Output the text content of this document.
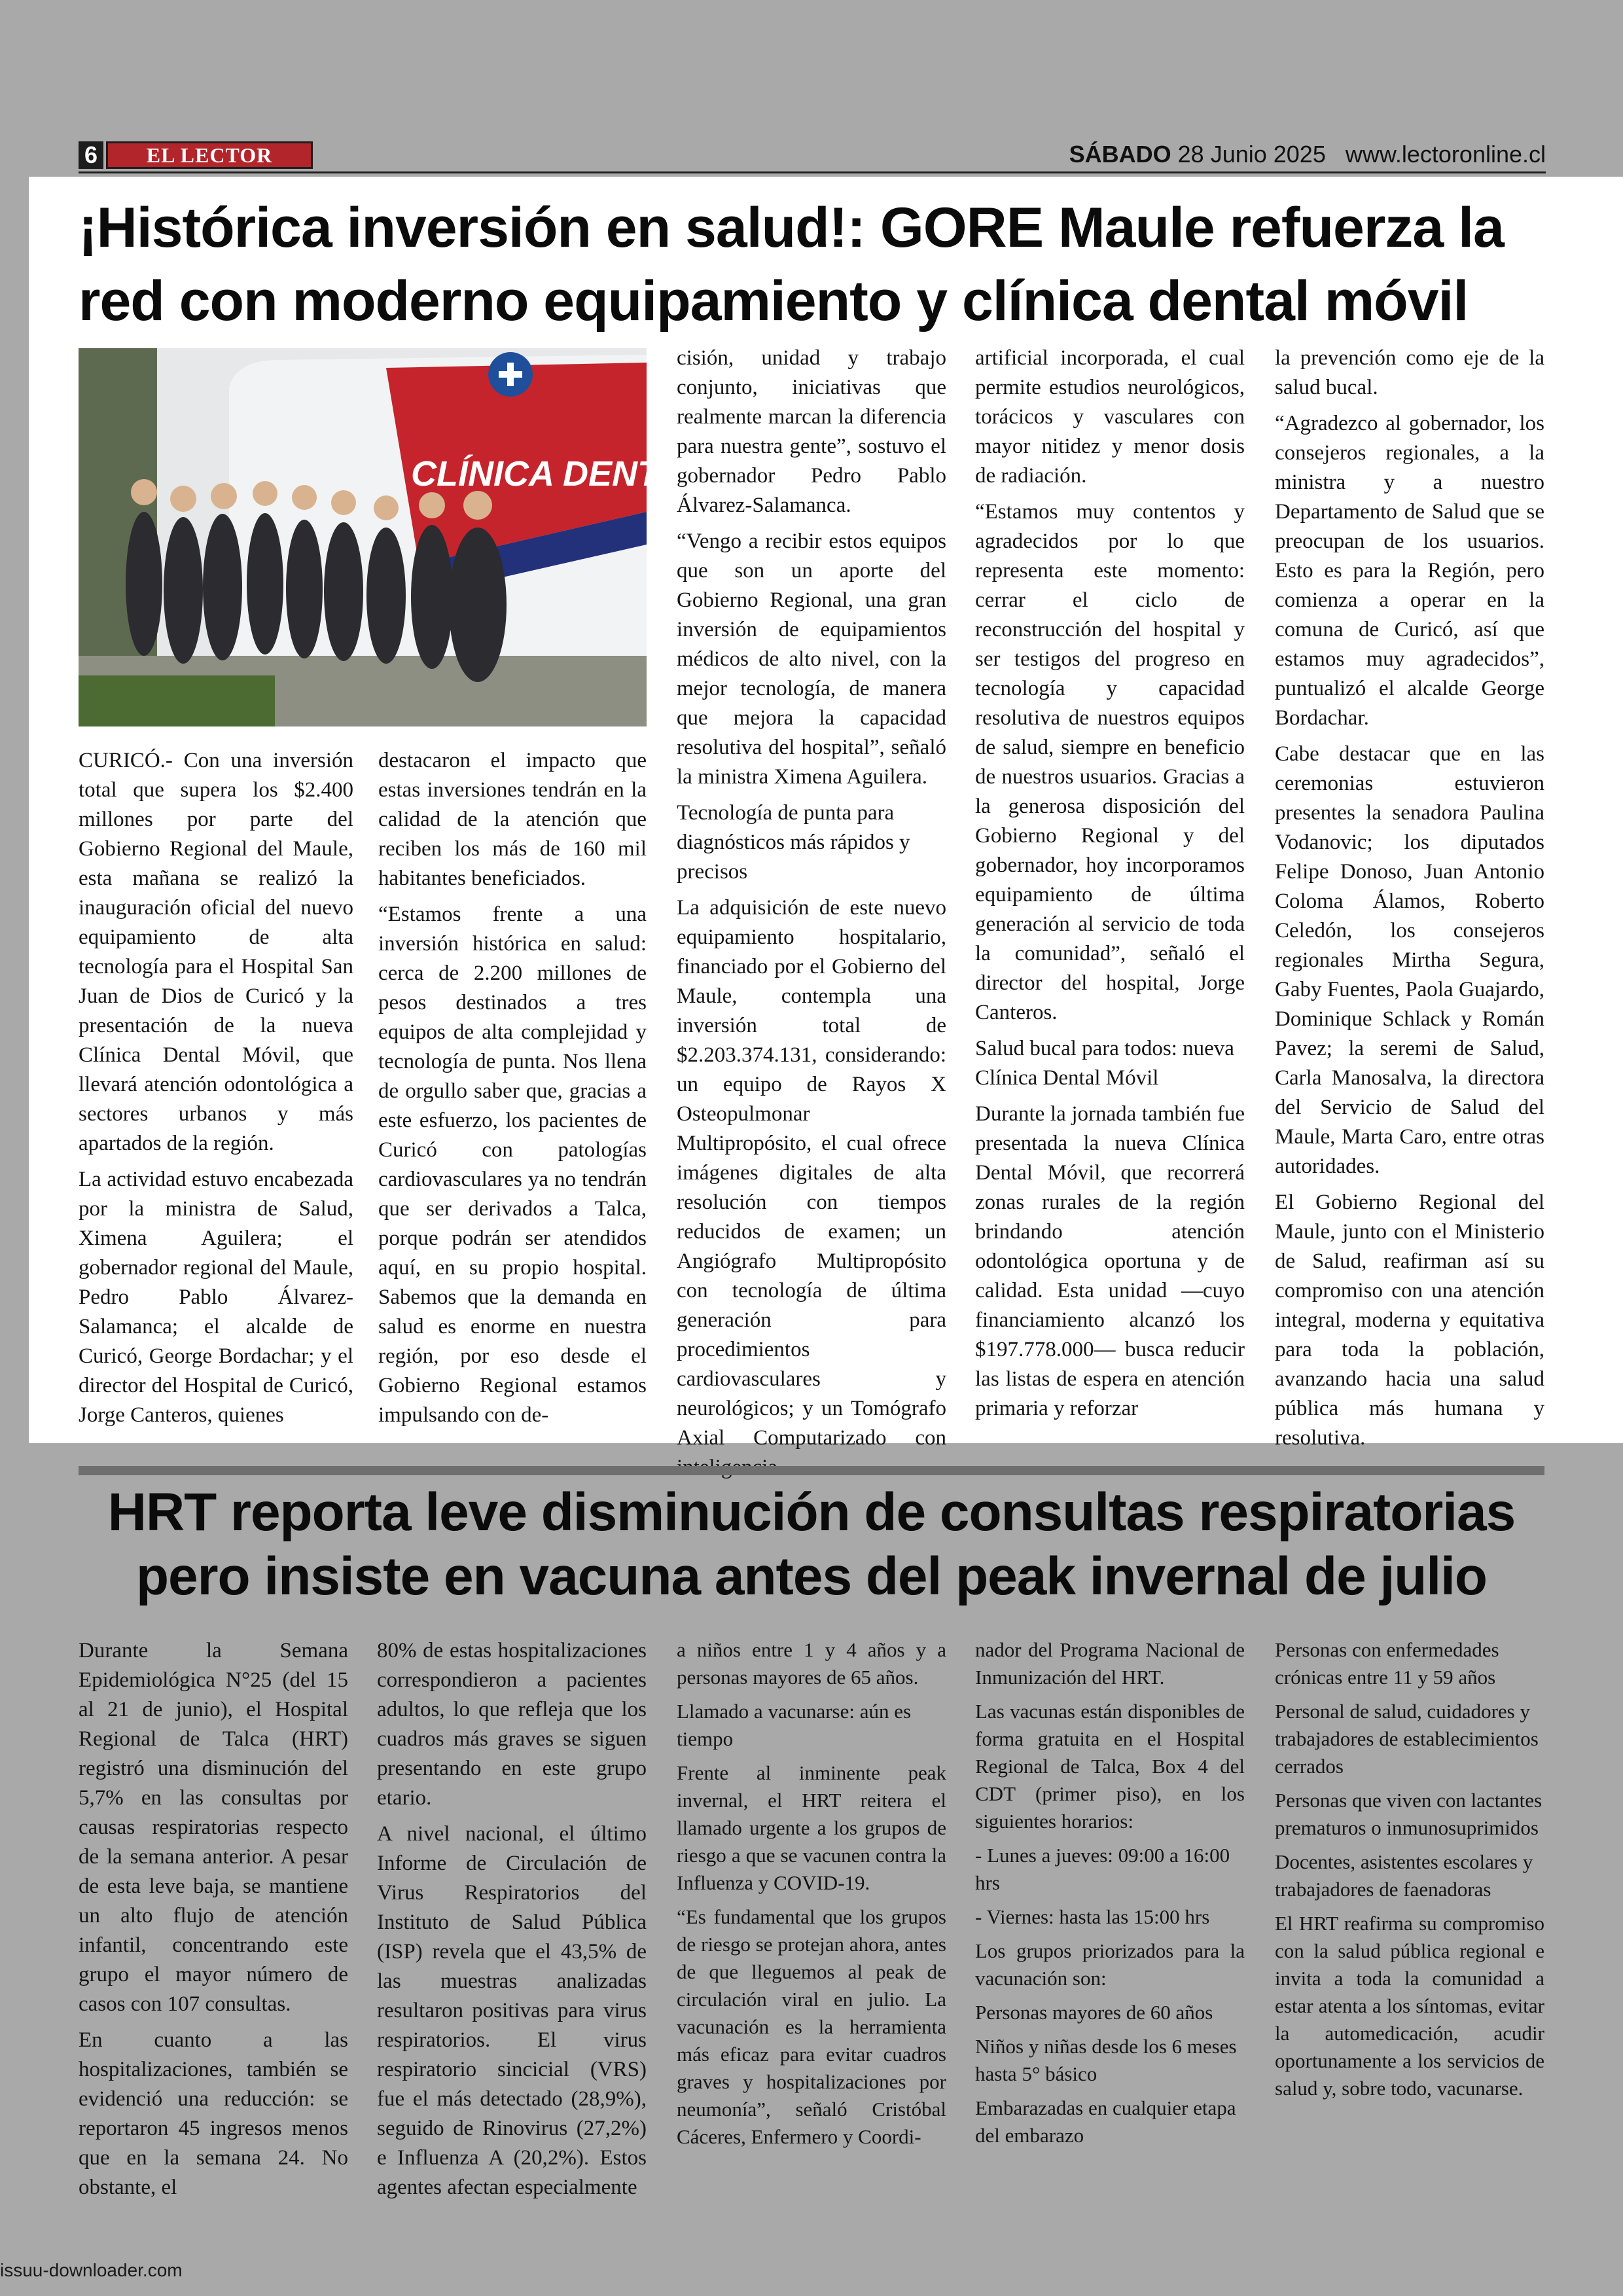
6	EL LECTOR	SÁBADO 28 Junio 2025 www.lectoronline.cl
¡Histórica inversión en salud!: GORE Maule refuerza la red con moderno equipamiento y clínica dental móvil
CLÍNICA DENTAL

CURICÓ.- Con una inversión total que supera los $2.400 millones por parte del Gobierno Regional del Maule, esta mañana se realizó la inauguración oficial del nuevo equipamiento de alta tecnología para el Hospital San Juan de Dios de Curicó y la presentación de la nueva Clínica Dental Móvil, que llevará atención odontológica a sectores urbanos y más apartados de la región.

La actividad estuvo encabezada por la ministra de Salud, Ximena Aguilera; el gobernador regional del Maule, Pedro Pablo Álvarez-Salamanca; el alcalde de Curicó, George Bordachar; y el director del Hospital de Curicó, Jorge Canteros, quienes

destacaron el impacto que estas inversiones tendrán en la calidad de la atención que reciben los más de 160 mil habitantes beneficiados.

“Estamos frente a una inversión histórica en salud: cerca de 2.200 millones de pesos destinados a tres equipos de alta complejidad y tecnología de punta. Nos llena de orgullo saber que, gracias a este esfuerzo, los pacientes de Curicó con patologías cardiovasculares ya no tendrán que ser derivados a Talca, porque podrán ser atendidos aquí, en su propio hospital. Sabemos que la demanda en salud es enorme en nuestra región, por eso desde el Gobierno Regional estamos impulsando con de-

cisión, unidad y trabajo conjunto, iniciativas que realmente marcan la diferencia para nuestra gente”, sostuvo el gobernador Pedro Pablo Álvarez-Salamanca.

“Vengo a recibir estos equipos que son un aporte del Gobierno Regional, una gran inversión de equipamientos médicos de alto nivel, con la mejor tecnología, de manera que mejora la capacidad resolutiva del hospital”, señaló la ministra Ximena Aguilera.

Tecnología de punta para diagnósticos más rápidos y precisos

La adquisición de este nuevo equipamiento hospitalario, financiado por el Gobierno del Maule, contempla una inversión total de $2.203.374.131, considerando: un equipo de Rayos X Osteopulmonar Multipropósito, el cual ofrece imágenes digitales de alta resolución con tiempos reducidos de examen; un Angiógrafo Multipropósito con tecnología de última generación para procedimientos cardiovasculares y neurológicos; y un Tomógrafo Axial Computarizado con

artificial incorporada, el cual permite estudios neurológicos, torácicos y vasculares con mayor nitidez y menor dosis de radiación.

“Estamos muy contentos y agradecidos por lo que representa este momento: cerrar el ciclo de reconstrucción del hospital y ser testigos del progreso en tecnología y capacidad resolutiva de nuestros equipos de salud, siempre en beneficio de nuestros usuarios. Gracias a la generosa disposición del Gobierno Regional y del gobernador, hoy incorporamos equipamiento de última generación al servicio de toda la comunidad”, señaló el director del hospital, Jorge Canteros.

Salud bucal para todos: nueva Clínica Dental Móvil

Durante la jornada también fue presentada la nueva Clínica Dental Móvil, que recorrerá zonas rurales de la región brindando atención odontológica oportuna y de calidad. Esta unidad —cuyo financiamiento alcanzó los $197.778.000— busca reducir las listas de espera en atención primaria y reforzar

la prevención como eje de la salud bucal.

“Agradezco al gobernador, los consejeros regionales, a la ministra y a nuestro Departamento de Salud que se preocupan de los usuarios. Esto es para la Región, pero comienza a operar en la comuna de Curicó, así que estamos muy agradecidos”, puntualizó el alcalde George Bordachar.

Cabe destacar que en las ceremonias estuvieron presentes la senadora Paulina Vodanovic; los diputados Felipe Donoso, Juan Antonio Coloma Álamos, Roberto Celedón, los consejeros regionales Mirtha Segura, Gaby Fuentes, Paola Guajardo, Dominique Schlack y Román Pavez; la seremi de Salud, Carla Manosalva, la directora del Servicio de Salud del Maule, Marta Caro, entre otras autoridades.

El Gobierno Regional del Maule, junto con el Ministerio de Salud, reafirman así su compromiso con una atención integral, moderna y equitativa para toda la población, avanzando hacia una salud pública más humana y resolutiva.

HRT reporta leve disminución de consultas respiratorias
pero insiste en vacuna antes del peak invernal de julio

Durante la Semana Epidemiológica N°25 (del 15 al 21 de junio), el Hospital Regional de Talca (HRT) registró una disminución del 5,7% en las consultas por causas respiratorias respecto de la semana anterior. A pesar de esta leve baja, se mantiene un alto flujo de atención infantil, concentrando este grupo el mayor número de casos con 107 consultas.

En cuanto a las hospitalizaciones, también se evidenció una reducción: se reportaron 45 ingresos menos que en la semana 24. No obstante, el

80% de estas hospitalizaciones correspondieron a pacientes adultos, lo que refleja que los cuadros más graves se siguen presentando en este grupo etario.

A nivel nacional, el último Informe de Circulación de Virus Respiratorios del Instituto de Salud Pública (ISP) revela que el 43,5% de las muestras analizadas resultaron positivas para virus respiratorios. El virus respiratorio sincicial (VRS) fue el más detectado (28,9%), seguido de Rinovirus (27,2%) e Influenza A (20,2%). Estos agentes afectan especialmente

a niños entre 1 y 4 años y a personas mayores de 65 años.

Llamado a vacunarse: aún es tiempo

Frente al inminente peak invernal, el HRT reitera el llamado urgente a los grupos de riesgo a que se vacunen contra la Influenza y COVID-19.

“Es fundamental que los grupos de riesgo se protejan ahora, antes de que lleguemos al peak de circulación viral en julio. La vacunación es la herramienta más eficaz para evitar cuadros graves y hospitalizaciones por neumonía”, señaló Cristóbal Cáceres, Enfermero y Coordi-

nador del Programa Nacional de Inmunización del HRT.

Las vacunas están disponibles de forma gratuita en el Hospital Regional de Talca, Box 4 del CDT (primer piso), en los siguientes horarios:

- Lunes a jueves: 09:00 a 16:00 hrs

- Viernes: hasta las 15:00 hrs

Los grupos priorizados para la vacunación son:

Personas mayores de 60 años

Niños y niñas desde los 6 meses hasta 5° básico

Embarazadas en cualquier etapa del embarazo

Personas con enfermedades crónicas entre 11 y 59 años

Personal de salud, cuidadores y trabajadores de establecimientos cerrados

Personas que viven con lactantes prematuros o inmunosuprimidos

Docentes, asistentes escolares y trabajadores de faenadoras

El HRT reafirma su compromiso con la salud pública regional e invita a toda la comunidad a estar atenta a los síntomas, evitar la automedicación, acudir oportunamente a los servicios de salud y, sobre todo, vacunarse.

issuu-downloader.com
